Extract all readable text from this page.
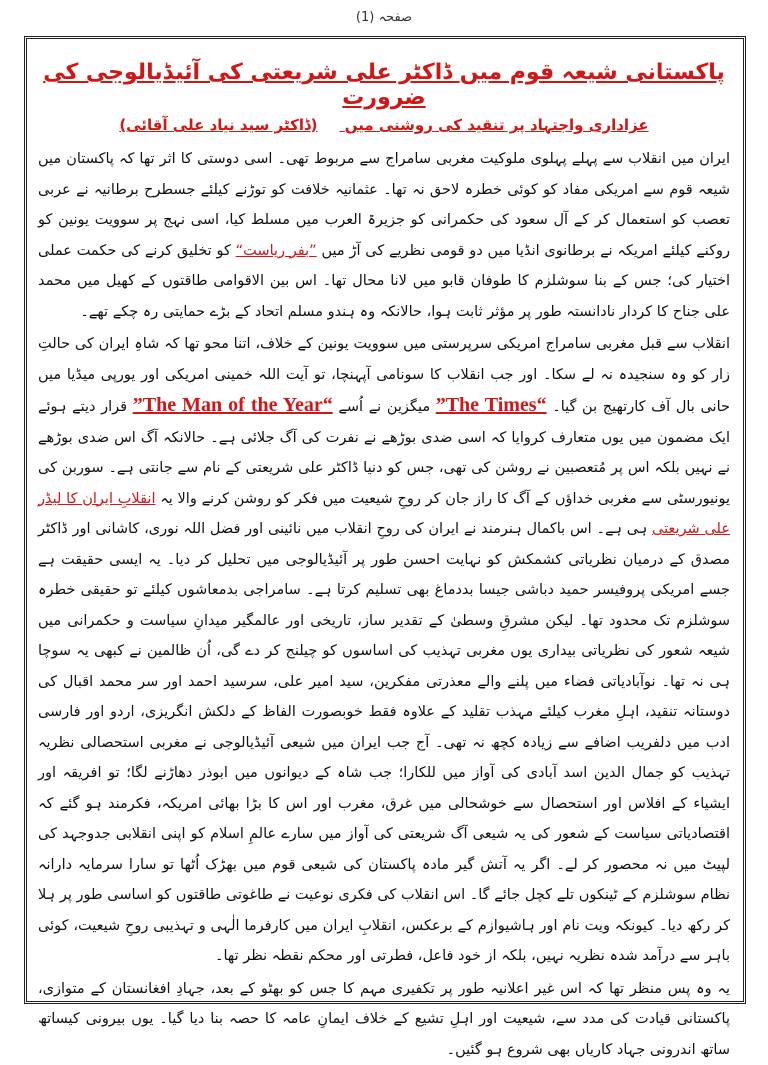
صفحہ (1)
پاکستانی شیعہ قوم میں ڈاکٹر علی شریعتی کی آئیڈیالوجی کی ضرورت
عزاداری واجتہاد پر تنقید کی روشنی میں (ڈاکٹر سید نیاد علی آقائی)

ایران میں انقلاب سے پہلے پہلوی ملوکیت مغربی سامراج سے مربوط تھی۔ اسی دوستی کا اثر تھا کہ پاکستان میں شیعہ قوم سے امریکی مفاد کو کوئی خطرہ لاحق نہ تھا۔ عثمانیہ خلافت کو توڑنے کیلئے جسطرح برطانیہ نے عربی تعصب کو استعمال کر کے آل سعود کی حکمرانی کو جزیرۃ العرب میں مسلط کیا، اسی نہج پر سوویت یونین کو روکنے کیلئے امریکہ نے برطانوی انڈیا میں دو قومی نظریے کی آڑ میں ”بفر ریاست“ کو تخلیق کرنے کی حکمت عملی اختیار کی؛ جس کے بنا سوشلزم کا طوفان قابو میں لانا محال تھا۔ اس بین الاقوامی طاقتوں کے کھیل میں محمد علی جناح کا کردار نادانستہ طور پر مؤثر ثابت ہوا، حالانکہ وہ ہندو مسلم اتحاد کے بڑے حمایتی رہ چکے تھے۔

انقلاب سے قبل مغربی سامراج امریکی سرپرستی میں سوویت یونین کے خلاف، اتنا محو تھا کہ شاہِ ایران کی حالتِ زار کو وہ سنجیدہ نہ لے سکا۔ اور جب انقلاب کا سونامی آپہنچا، تو آیت اللہ خمینی امریکی اور یورپی میڈیا میں حانی بال آف کارتھیج بن گیا۔ ”The Times“ میگزین نے اُسے ”The Man of the Year“ قرار دیتے ہوئے ایک مضمون میں یوں متعارف کروایا کہ اسی ضدی بوڑھے نے نفرت کی آگ جلائی ہے۔ حالانکہ آگ اس ضدی بوڑھے نے نہیں بلکہ اس پر مُتعصبین نے روشن کی تھی، جس کو دنیا ڈاکٹر علی شریعتی کے نام سے جانتی ہے۔ سوربن کی یونیورسٹی سے مغربی خداؤں کے آگ کا راز جان کر روحِ شیعیت میں فکر کو روشن کرنے والا یہ انقلابِ ایران کا لیڈر علی شریعتی ہی ہے۔ اس باکمال ہنرمند نے ایران کی روحِ انقلاب میں نائینی اور فضل اللہ نوری، کاشانی اور ڈاکٹر مصدق کے درمیان نظریاتی کشمکش کو نہایت احسن طور پر آئیڈیالوجی میں تحلیل کر دیا۔ یہ ایسی حقیقت ہے جسے امریکی پروفیسر حمید دباشی جیسا بددماغ بھی تسلیم کرتا ہے۔ سامراجی بدمعاشوں کیلئے تو حقیقی خطرہ سوشلزم تک محدود تھا۔ لیکن مشرقِ وسطیٰ کے تقدیر ساز، تاریخی اور عالمگیر میدانِ سیاست و حکمرانی میں شیعہ شعور کی نظریاتی بیداری یوں مغربی تہذیب کی اساسوں کو چیلنج کر دے گی، اُن ظالمین نے کبھی یہ سوچا ہی نہ تھا۔ نوآبادیاتی فضاء میں پلنے والے معذرتی مفکرین، سید امیر علی، سرسید احمد اور سر محمد اقبال کی دوستانہ تنقید، اہلِ مغرب کیلئے مہذب تقلید کے علاوہ فقط خوبصورت الفاظ کے دلکش انگریزی، اردو اور فارسی ادب میں دلفریب اضافے سے زیادہ کچھ نہ تھی۔ آج جب ایران میں شیعی آئیڈیالوجی نے مغربی استحصالی نظریہ تہذیب کو جمال الدین اسد آبادی کی آواز میں للکارا؛ جب شاہ کے دیوانوں میں ابوذر دھاڑنے لگا؛ تو افریقہ اور ایشیاء کے افلاس اور استحصال سے خوشحالی میں غرق، مغرب اور اس کا بڑا بھائی امریکہ، فکرمند ہو گئے کہ اقتصادیاتی سیاست کے شعور کی یہ شیعی آگ شریعتی کی آواز میں سارے عالمِ اسلام کو اپنی انقلابی جدوجہد کی لپیٹ میں نہ محصور کر لے۔ اگر یہ آتش گیر مادہ پاکستان کی شیعی قوم میں بھڑک اُٹھا تو سارا سرمایہ دارانہ نظام سوشلزم کے ٹینکوں تلے کچل جائے گا۔ اس انقلاب کی فکری نوعیت نے طاغوتی طاقتوں کو اساسی طور پر ہلا کر رکھ دیا۔ کیونکہ ویت نام اور ہاشیوازم کے برعکس، انقلابِ ایران میں کارفرما الٰہی و تہذیبی روحِ شیعیت، کوئی باہر سے درآمد شدہ نظریہ نہیں، بلکہ از خود فاعل، فطرتی اور محکم نقطہ نظر تھا۔

یہ وہ پس منظر تھا کہ اس غیر اعلانیہ طور پر تکفیری مہم کا جس کو بھٹو کے بعد، جہادِ افغانستان کے متوازی، پاکستانی قیادت کی مدد سے، شیعیت اور اہلِ تشیع کے خلاف ایمانِ عامہ کا حصہ بنا دیا گیا۔ یوں بیرونی کیساتھ ساتھ اندرونی جہاد کاریاں بھی شروع ہو گئیں۔
